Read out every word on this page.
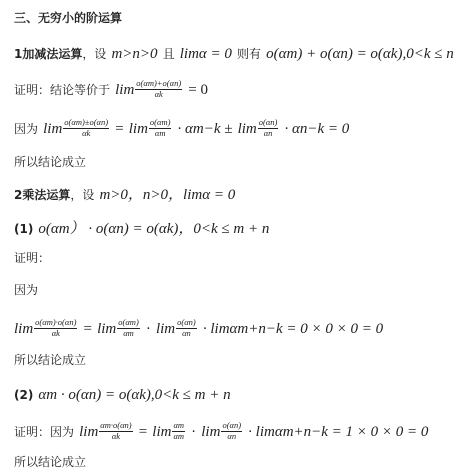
三、无穷小的阶运算
1加减法运算，设 m>n>0 且 limα = 0 则有 o(αm) + o(αn) = o(αk),0<k ≤ n
证明：结论等价于 $\lim \frac{o(\alpha m)+o(\alpha n)}{\alpha k} = 0$
因为 $\lim \frac{o(\alpha m)\pm o(\alpha n)}{\alpha k} = \lim \frac{o(\alpha m)}{\alpha m} \cdot \alpha m-k \pm \lim \frac{o(\alpha n)}{\alpha n} \cdot \alpha n-k = 0$
所以结论成立
2乘法运算，设 m>0，n>0，limα = 0
(1) o(αm） · o(αn) = o(αk)，0<k ≤ m + n
证明：
因为
$\lim \frac{o(\alpha m)\cdot o(\alpha n)}{\alpha k} = \lim \frac{o(\alpha m)}{\alpha m} \cdot \lim \frac{o(\alpha n)}{\alpha n} \cdot \lim\alpha m+n-k = 0 \times 0 \times 0 = 0$
所以结论成立
(2) αm · o(αn) = o(αk),0<k ≤ m + n
证明：因为 $\lim \frac{\alpha m\cdot o(\alpha n)}{\alpha k} = \lim \frac{\alpha m}{\alpha m} \cdot \lim \frac{o(\alpha n)}{\alpha n} \cdot \lim\alpha m+n-k = 1 \times 0 \times 0 = 0$
所以结论成立
